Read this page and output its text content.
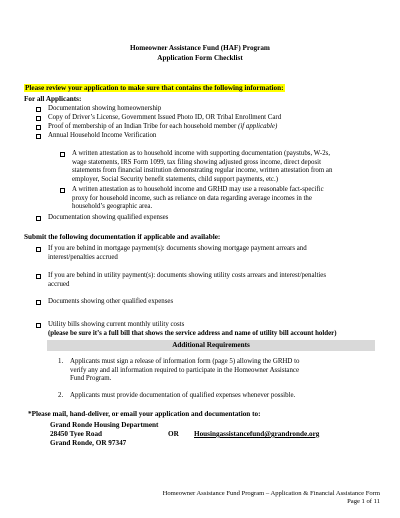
Homeowner Assistance Fund (HAF) Program
Application Form Checklist
Please review your application to make sure that contains the following information:
For all Applicants:
Documentation showing homeownership
Copy of Driver’s License, Government Issued Photo ID, OR Tribal Enrollment Card
Proof of membership of an Indian Tribe for each household member (if applicable)
Annual Household Income Verification
A written attestation as to household income with supporting documentation (paystubs, W-2s,
wage statements, IRS Form 1099, tax filing showing adjusted gross income, direct deposit
statements from financial institution demonstrating regular income, written attestation from an
employer, Social Security benefit statements, child support payments, etc.)
A written attestation as to household income and GRHD may use a reasonable fact-specific
proxy for household income, such as reliance on data regarding average incomes in the
household’s geographic area.
Documentation showing qualified expenses
Submit the following documentation if applicable and available:
If you are behind in mortgage payment(s): documents showing mortgage payment arrears and
interest/penalties accrued
If you are behind in utility payment(s): documents showing utility costs arrears and interest/penalties
accrued
Documents showing other qualified expenses
Utility bills showing current monthly utility costs
(please be sure it’s a full bill that shows the service address and name of utility bill account holder)
Additional Requirements
1. Applicants must sign a release of information form (page 5) allowing the GRHD to
verify any and all information required to participate in the Homeowner Assistance
Fund Program.
2. Applicants must provide documentation of qualified expenses whenever possible.
*Please mail, hand-deliver, or email your application and documentation to:
Grand Ronde Housing Department
28450 Tyee Road
Grand Ronde, OR 97347
OR Housingassistancefund@grandronde.org
Homeowner Assistance Fund Program – Application & Financial Assistance Form
Page 1 of 11
